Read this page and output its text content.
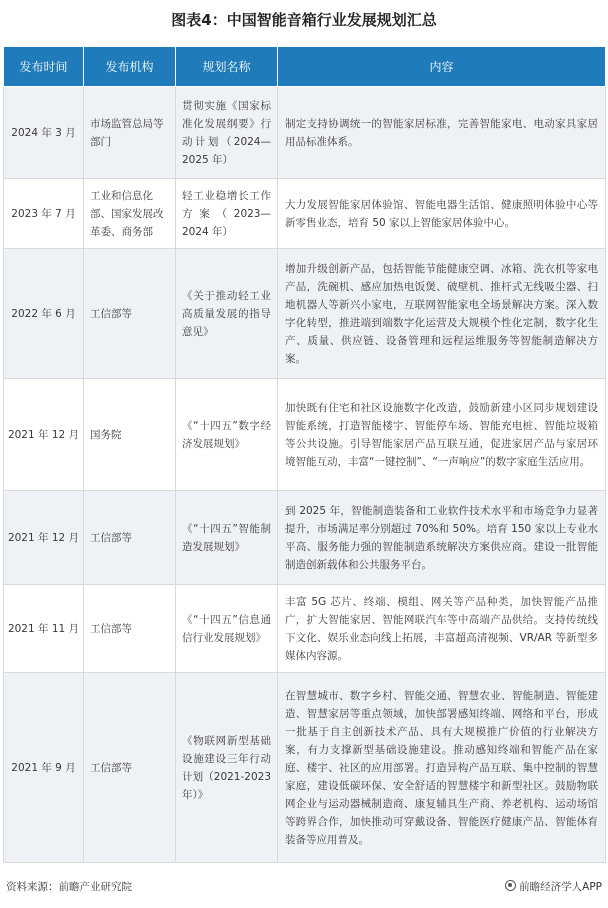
图表4：中国智能音箱行业发展规划汇总
发布时间	发布机构	规划名称	内容
2024 年 3 月	市场监管总局等部门	贯彻实施《国家标准化发展纲要》行动计划（2024—2025 年）	制定支持协调统一的智能家居标准，完善智能家电、电动家具家居用品标准体系。
2023 年 7 月	工业和信息化部、国家发展改革委、商务部	轻工业稳增长工作方案（2023—2024 年）	大力发展智能家居体验馆、智能电器生活馆、健康照明体验中心等新零售业态，培育 50 家以上智能家居体验中心。
2022 年 6 月	工信部等	《关于推动轻工业高质量发展的指导意见》	增加升级创新产品，包括智能节能健康空调、冰箱、洗衣机等家电产品，洗碗机、感应加热电饭煲、破壁机、推杆式无线吸尘器、扫地机器人等新兴小家电，互联网智能家电全场景解决方案。深入数字化转型，推进端到端数字化运营及大规模个性化定制，数字化生产、质量、供应链、设备管理和远程运维服务等智能制造解决方案。
2021 年 12 月	国务院	《“十四五”数字经济发展规划》	加快既有住宅和社区设施数字化改造，鼓励新建小区同步规划建设智能系统，打造智能楼宇、智能停车场、智能充电桩、智能垃圾箱等公共设施。引导智能家居产品互联互通，促进家居产品与家居环境智能互动，丰富“一键控制”、“一声响应”的数字家庭生活应用。
2021 年 12 月	工信部等	《“十四五”智能制造发展规划》	到 2025 年，智能制造装备和工业软件技术水平和市场竞争力显著提升，市场满足率分别超过 70%和 50%。培育 150 家以上专业水平高、服务能力强的智能制造系统解决方案供应商。建设一批智能制造创新载体和公共服务平台。
2021 年 11 月	工信部等	《“十四五”信息通信行业发展规划》	丰富 5G 芯片、终端、模组、网关等产品种类，加快智能产品推广，扩大智能家居、智能网联汽车等中高端产品供给。支持传统线下文化、娱乐业态向线上拓展，丰富超高清视频、VR/AR 等新型多媒体内容源。
2021 年 9 月	工信部等	《物联网新型基础设施建设三年行动计划（2021-2023 年）》	在智慧城市、数字乡村、智能交通、智慧农业、智能制造、智能建造、智慧家居等重点领域，加快部署感知终端、网络和平台，形成一批基于自主创新技术产品、具有大规模推广价值的行业解决方案，有力支撑新型基础设施建设。推动感知终端和智能产品在家庭、楼宇、社区的应用部署。打造异构产品互联、集中控制的智慧家庭，建设低碳环保、安全舒适的智慧楼宇和新型社区。鼓励物联网企业与运动器械制造商、康复辅具生产商、养老机构、运动场馆等跨界合作，加快推动可穿戴设备、智能医疗健康产品、智能体育装备等应用普及。
资料来源：前瞻产业研究院	前瞻经济学人APP
